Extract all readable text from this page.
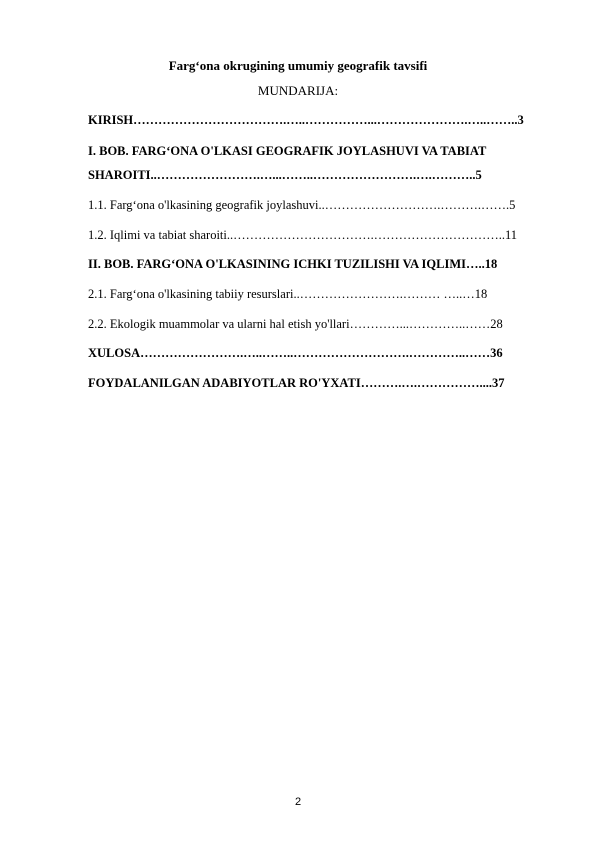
Farg‘ona okrugining umumiy geografik tavsifi
MUNDARIJA:
KIRISH……………………………….…..……………...………………….…..……..3
I. BOB. FARG‘ONA O'LKASI GEOGRAFIK JOYLASHUVI VA TABIAT
SHAROITI..…………………….…...……..…………………….….………..5
1.1. Farg‘ona o'lkasining geografik joylashuvi..……………………….……….…….5
1.2. Iqlimi va tabiat sharoiti..…………………………….…………………………..11
II. BOB. FARG‘ONA O'LKASINING ICHKI TUZILISHI VA IQLIMI…..18
2.1. Farg‘ona o'lkasining tabiiy resurslari..…………………….……… …..…18
2.2. Ekologik muammolar va ularni hal etish yo'llari…………...…………..……28
XULOSA…………………….…..……..……………………….…………..……36
FOYDALANILGAN ADABIYOTLAR RO'YXATI……….….……………....37
2
